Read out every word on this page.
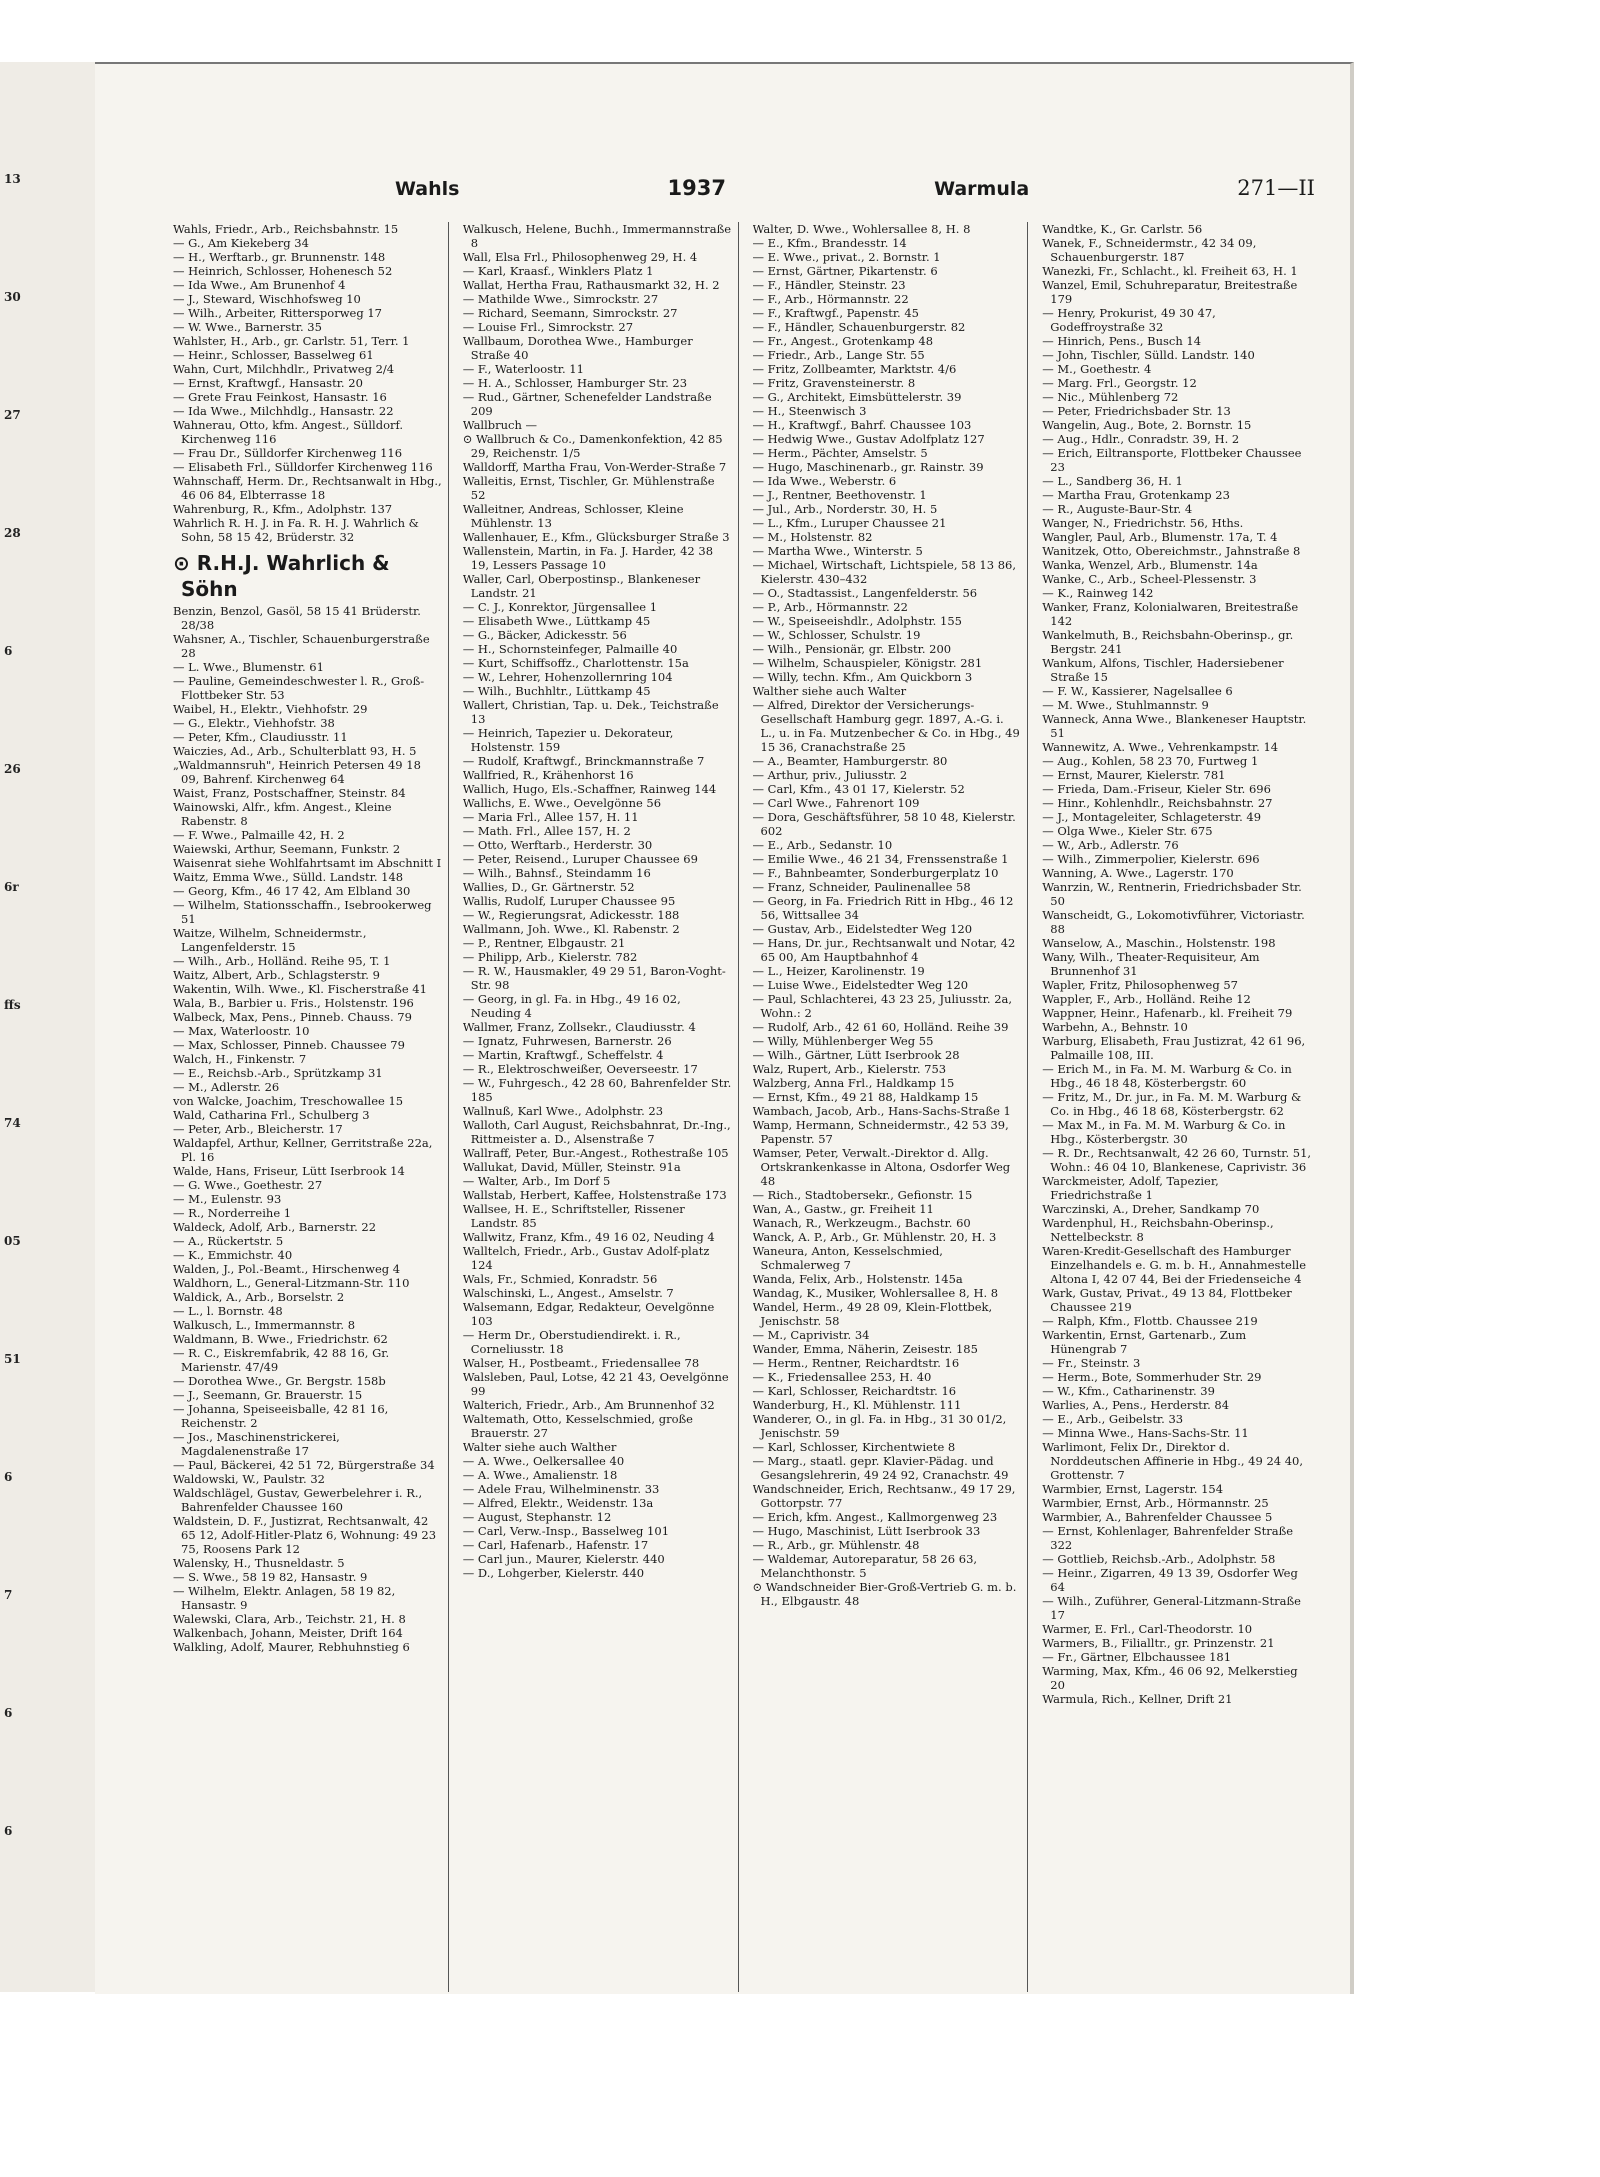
13
30
27
28
6
26
6r
ffs
74
05
51
6
7
6
6
Wahls	1937	Warmula	271—II

Wahls, Friedr., Arb., Reichsbahnstr. 15

— G., Am Kiekeberg 34

— H., Werftarb., gr. Brunnenstr. 148

— Heinrich, Schlosser, Hohenesch 52

— Ida Wwe., Am Brunenhof 4

— J., Steward, Wischhofsweg 10

— Wilh., Arbeiter, Rittersporweg 17

— W. Wwe., Barnerstr. 35

Wahlster, H., Arb., gr. Carlstr. 51, Terr. 1

— Heinr., Schlosser, Basselweg 61

Wahn, Curt, Milchhdlr., Privatweg 2/4

— Ernst, Kraftwgf., Hansastr. 20

— Grete Frau Feinkost, Hansastr. 16

— Ida Wwe., Milchhdlg., Hansastr. 22

Wahnerau, Otto, kfm. Angest., Sülldorf. Kirchenweg 116

— Frau Dr., Sülldorfer Kirchenweg 116

— Elisabeth Frl., Sülldorfer Kirchenweg 116

Wahnschaff, Herm. Dr., Rechtsanwalt in Hbg., 46 06 84, Elbterrasse 18

Wahrenburg, R., Kfm., Adolphstr. 137

Wahrlich R. H. J. in Fa. R. H. J. Wahrlich & Sohn, 58 15 42, Brüderstr. 32

⊙ R.H.J. Wahrlich & Söhn

Benzin, Benzol, Gasöl, 58 15 41 Brüderstr. 28/38

Wahsner, A., Tischler, Schauenburgerstraße 28

— L. Wwe., Blumenstr. 61

— Pauline, Gemeindeschwester l. R., Groß-Flottbeker Str. 53

Waibel, H., Elektr., Viehhofstr. 29

— G., Elektr., Viehhofstr. 38

— Peter, Kfm., Claudiusstr. 11

Waiczies, Ad., Arb., Schulterblatt 93, H. 5

„Waldmannsruh", Heinrich Petersen 49 18 09, Bahrenf. Kirchenweg 64

Waist, Franz, Postschaffner, Steinstr. 84

Wainowski, Alfr., kfm. Angest., Kleine Rabenstr. 8

— F. Wwe., Palmaille 42, H. 2

Waiewski, Arthur, Seemann, Funkstr. 2

Waisenrat siehe Wohlfahrtsamt im Abschnitt I

Waitz, Emma Wwe., Sülld. Landstr. 148

— Georg, Kfm., 46 17 42, Am Elbland 30

— Wilhelm, Stationsschaffn., Isebrookerweg 51

Waitze, Wilhelm, Schneidermstr., Langenfelderstr. 15

— Wilh., Arb., Holländ. Reihe 95, T. 1

Waitz, Albert, Arb., Schlagsterstr. 9

Wakentin, Wilh. Wwe., Kl. Fischerstraße 41

Wala, B., Barbier u. Fris., Holstenstr. 196

Walbeck, Max, Pens., Pinneb. Chauss. 79

— Max, Waterloostr. 10

— Max, Schlosser, Pinneb. Chaussee 79

Walch, H., Finkenstr. 7

— E., Reichsb.-Arb., Sprützkamp 31

— M., Adlerstr. 26

von Walcke, Joachim, Treschowallee 15

Wald, Catharina Frl., Schulberg 3

— Peter, Arb., Bleicherstr. 17

Waldapfel, Arthur, Kellner, Gerritstraße 22a, Pl. 16

Walde, Hans, Friseur, Lütt Iserbrook 14

— G. Wwe., Goethestr. 27

— M., Eulenstr. 93

— R., Norderreihe 1

Waldeck, Adolf, Arb., Barnerstr. 22

— A., Rückertstr. 5

— K., Emmichstr. 40

Walden, J., Pol.-Beamt., Hirschenweg 4

Waldhorn, L., General-Litzmann-Str. 110

Waldick, A., Arb., Borselstr. 2

— L., l. Bornstr. 48

Walkusch, L., Immermannstr. 8

Waldmann, B. Wwe., Friedrichstr. 62

— R. C., Eiskremfabrik, 42 88 16, Gr. Marienstr. 47/49

— Dorothea Wwe., Gr. Bergstr. 158b

— J., Seemann, Gr. Brauerstr. 15

— Johanna, Speiseeisballe, 42 81 16, Reichenstr. 2

— Jos., Maschinenstrickerei, Magdalenenstraße 17

— Paul, Bäckerei, 42 51 72, Bürgerstraße 34

Waldowski, W., Paulstr. 32

Waldschlägel, Gustav, Gewerbelehrer i. R., Bahrenfelder Chaussee 160

Waldstein, D. F., Justizrat, Rechtsanwalt, 42 65 12, Adolf-Hitler-Platz 6, Wohnung: 49 23 75, Roosens Park 12

Walensky, H., Thusneldastr. 5

— S. Wwe., 58 19 82, Hansastr. 9

— Wilhelm, Elektr. Anlagen, 58 19 82, Hansastr. 9

Walewski, Clara, Arb., Teichstr. 21, H. 8

Walkenbach, Johann, Meister, Drift 164

Walkling, Adolf, Maurer, Rebhuhnstieg 6

Walkusch, Helene, Buchh., Immermannstraße 8

Wall, Elsa Frl., Philosophenweg 29, H. 4

— Karl, Kraasf., Winklers Platz 1

Wallat, Hertha Frau, Rathausmarkt 32, H. 2

— Mathilde Wwe., Simrockstr. 27

— Richard, Seemann, Simrockstr. 27

— Louise Frl., Simrockstr. 27

Wallbaum, Dorothea Wwe., Hamburger Straße 40

— F., Waterloostr. 11

— H. A., Schlosser, Hamburger Str. 23

— Rud., Gärtner, Schenefelder Landstraße 209

Wallbruch —

⊙ Wallbruch & Co., Damenkonfektion, 42 85 29, Reichenstr. 1/5

Walldorff, Martha Frau, Von-Werder-Straße 7

Walleitis, Ernst, Tischler, Gr. Mühlenstraße 52

Walleitner, Andreas, Schlosser, Kleine Mühlenstr. 13

Wallenhauer, E., Kfm., Glücksburger Straße 3

Wallenstein, Martin, in Fa. J. Harder, 42 38 19, Lessers Passage 10

Waller, Carl, Oberpostinsp., Blankeneser Landstr. 21

— C. J., Konrektor, Jürgensallee 1

— Elisabeth Wwe., Lüttkamp 45

— G., Bäcker, Adickesstr. 56

— H., Schornsteinfeger, Palmaille 40

— Kurt, Schiffsoffz., Charlottenstr. 15a

— W., Lehrer, Hohenzollernring 104

— Wilh., Buchhltr., Lüttkamp 45

Wallert, Christian, Tap. u. Dek., Teichstraße 13

— Heinrich, Tapezier u. Dekorateur, Holstenstr. 159

— Rudolf, Kraftwgf., Brinckmannstraße 7

Wallfried, R., Krähenhorst 16

Wallich, Hugo, Els.-Schaffner, Rainweg 144

Wallichs, E. Wwe., Oevelgönne 56

— Maria Frl., Allee 157, H. 11

— Math. Frl., Allee 157, H. 2

— Otto, Werftarb., Herderstr. 30

— Peter, Reisend., Luruper Chaussee 69

— Wilh., Bahnsf., Steindamm 16

Wallies, D., Gr. Gärtnerstr. 52

Wallis, Rudolf, Luruper Chaussee 95

— W., Regierungsrat, Adickesstr. 188

Wallmann, Joh. Wwe., Kl. Rabenstr. 2

— P., Rentner, Elbgaustr. 21

— Philipp, Arb., Kielerstr. 782

— R. W., Hausmakler, 49 29 51, Baron-Voght-Str. 98

— Georg, in gl. Fa. in Hbg., 49 16 02, Neuding 4

Wallmer, Franz, Zollsekr., Claudiusstr. 4

— Ignatz, Fuhrwesen, Barnerstr. 26

— Martin, Kraftwgf., Scheffelstr. 4

— R., Elektroschweißer, Oeverseestr. 17

— W., Fuhrgesch., 42 28 60, Bahrenfelder Str. 185

Wallnuß, Karl Wwe., Adolphstr. 23

Walloth, Carl August, Reichsbahnrat, Dr.-Ing., Rittmeister a. D., Alsenstraße 7

Wallraff, Peter, Bur.-Angest., Rothestraße 105

Wallukat, David, Müller, Steinstr. 91a

— Walter, Arb., Im Dorf 5

Wallstab, Herbert, Kaffee, Holstenstraße 173

Wallsee, H. E., Schriftsteller, Rissener Landstr. 85

Wallwitz, Franz, Kfm., 49 16 02, Neuding 4

Walltelch, Friedr., Arb., Gustav Adolf-platz 124

Wals, Fr., Schmied, Konradstr. 56

Walschinski, L., Angest., Amselstr. 7

Walsemann, Edgar, Redakteur, Oevelgönne 103

— Herm Dr., Oberstudiendirekt. i. R., Corneliusstr. 18

Walser, H., Postbeamt., Friedensallee 78

Walsleben, Paul, Lotse, 42 21 43, Oevelgönne 99

Walterich, Friedr., Arb., Am Brunnenhof 32

Waltemath, Otto, Kesselschmied, große Brauerstr. 27

Walter siehe auch Walther

— A. Wwe., Oelkersallee 40

— A. Wwe., Amalienstr. 18

— Adele Frau, Wilhelminenstr. 33

— Alfred, Elektr., Weidenstr. 13a

— August, Stephanstr. 12

— Carl, Verw.-Insp., Basselweg 101

— Carl, Hafenarb., Hafenstr. 17

— Carl jun., Maurer, Kielerstr. 440

— D., Lohgerber, Kielerstr. 440

Walter, D. Wwe., Wohlersallee 8, H. 8

— E., Kfm., Brandesstr. 14

— E. Wwe., privat., 2. Bornstr. 1

— Ernst, Gärtner, Pikartenstr. 6

— F., Händler, Steinstr. 23

— F., Arb., Hörmannstr. 22

— F., Kraftwgf., Papenstr. 45

— F., Händler, Schauenburgerstr. 82

— Fr., Angest., Grotenkamp 48

— Friedr., Arb., Lange Str. 55

— Fritz, Zollbeamter, Marktstr. 4/6

— Fritz, Gravensteinerstr. 8

— G., Architekt, Eimsbüttelerstr. 39

— H., Steenwisch 3

— H., Kraftwgf., Bahrf. Chaussee 103

— Hedwig Wwe., Gustav Adolfplatz 127

— Herm., Pächter, Amselstr. 5

— Hugo, Maschinenarb., gr. Rainstr. 39

— Ida Wwe., Weberstr. 6

— J., Rentner, Beethovenstr. 1

— Jul., Arb., Norderstr. 30, H. 5

— L., Kfm., Luruper Chaussee 21

— M., Holstenstr. 82

— Martha Wwe., Winterstr. 5

— Michael, Wirtschaft, Lichtspiele, 58 13 86, Kielerstr. 430–432

— O., Stadtassist., Langenfelderstr. 56

— P., Arb., Hörmannstr. 22

— W., Speiseeishdlr., Adolphstr. 155

— W., Schlosser, Schulstr. 19

— Wilh., Pensionär, gr. Elbstr. 200

— Wilhelm, Schauspieler, Königstr. 281

— Willy, techn. Kfm., Am Quickborn 3

Walther siehe auch Walter

— Alfred, Direktor der Versicherungs-Gesellschaft Hamburg gegr. 1897, A.-G. i. L., u. in Fa. Mutzenbecher & Co. in Hbg., 49 15 36, Cranachstraße 25

— A., Beamter, Hamburgerstr. 80

— Arthur, priv., Juliusstr. 2

— Carl, Kfm., 43 01 17, Kielerstr. 52

— Carl Wwe., Fahrenort 109

— Dora, Geschäftsführer, 58 10 48, Kielerstr. 602

— E., Arb., Sedanstr. 10

— Emilie Wwe., 46 21 34, Frenssenstraße 1

— F., Bahnbeamter, Sonderburgerplatz 10

— Franz, Schneider, Paulinenallee 58

— Georg, in Fa. Friedrich Ritt in Hbg., 46 12 56, Wittsallee 34

— Gustav, Arb., Eidelstedter Weg 120

— Hans, Dr. jur., Rechtsanwalt und Notar, 42 65 00, Am Hauptbahnhof 4

— L., Heizer, Karolinenstr. 19

— Luise Wwe., Eidelstedter Weg 120

— Paul, Schlachterei, 43 23 25, Juliusstr. 2a, Wohn.: 2

— Rudolf, Arb., 42 61 60, Holländ. Reihe 39

— Willy, Mühlenberger Weg 55

— Wilh., Gärtner, Lütt Iserbrook 28

Walz, Rupert, Arb., Kielerstr. 753

Walzberg, Anna Frl., Haldkamp 15

— Ernst, Kfm., 49 21 88, Haldkamp 15

Wambach, Jacob, Arb., Hans-Sachs-Straße 1

Wamp, Hermann, Schneidermstr., 42 53 39, Papenstr. 57

Wamser, Peter, Verwalt.-Direktor d. Allg. Ortskrankenkasse in Altona, Osdorfer Weg 48

— Rich., Stadtobersekr., Gefionstr. 15

Wan, A., Gastw., gr. Freiheit 11

Wanach, R., Werkzeugm., Bachstr. 60

Wanck, A. P., Arb., Gr. Mühlenstr. 20, H. 3

Waneura, Anton, Kesselschmied, Schmalerweg 7

Wanda, Felix, Arb., Holstenstr. 145a

Wandag, K., Musiker, Wohlersallee 8, H. 8

Wandel, Herm., 49 28 09, Klein-Flottbek, Jenischstr. 58

— M., Caprivistr. 34

Wander, Emma, Näherin, Zeisestr. 185

— Herm., Rentner, Reichardtstr. 16

— K., Friedensallee 253, H. 40

— Karl, Schlosser, Reichardtstr. 16

Wanderburg, H., Kl. Mühlenstr. 111

Wanderer, O., in gl. Fa. in Hbg., 31 30 01/2, Jenischstr. 59

— Karl, Schlosser, Kirchentwiete 8

— Marg., staatl. gepr. Klavier-Pädag. und Gesangslehrerin, 49 24 92, Cranachstr. 49

Wandschneider, Erich, Rechtsanw., 49 17 29, Gottorpstr. 77

— Erich, kfm. Angest., Kallmorgenweg 23

— Hugo, Maschinist, Lütt Iserbrook 33

— R., Arb., gr. Mühlenstr. 48

— Waldemar, Autoreparatur, 58 26 63, Melanchthonstr. 5

⊙ Wandschneider Bier-Groß-Vertrieb G. m. b. H., Elbgaustr. 48

Wandtke, K., Gr. Carlstr. 56

Wanek, F., Schneidermstr., 42 34 09, Schauenburgerstr. 187

Wanezki, Fr., Schlacht., kl. Freiheit 63, H. 1

Wanzel, Emil, Schuhreparatur, Breitestraße 179

— Henry, Prokurist, 49 30 47, Godeffroystraße 32

— Hinrich, Pens., Busch 14

— John, Tischler, Sülld. Landstr. 140

— M., Goethestr. 4

— Marg. Frl., Georgstr. 12

— Nic., Mühlenberg 72

— Peter, Friedrichsbader Str. 13

Wangelin, Aug., Bote, 2. Bornstr. 15

— Aug., Hdlr., Conradstr. 39, H. 2

— Erich, Eiltransporte, Flottbeker Chaussee 23

— L., Sandberg 36, H. 1

— Martha Frau, Grotenkamp 23

— R., Auguste-Baur-Str. 4

Wanger, N., Friedrichstr. 56, Hths.

Wangler, Paul, Arb., Blumenstr. 17a, T. 4

Wanitzek, Otto, Obereichmstr., Jahnstraße 8

Wanka, Wenzel, Arb., Blumenstr. 14a

Wanke, C., Arb., Scheel-Plessenstr. 3

— K., Rainweg 142

Wanker, Franz, Kolonialwaren, Breitestraße 142

Wankelmuth, B., Reichsbahn-Oberinsp., gr. Bergstr. 241

Wankum, Alfons, Tischler, Hadersiebener Straße 15

— F. W., Kassierer, Nagelsallee 6

— M. Wwe., Stuhlmannstr. 9

Wanneck, Anna Wwe., Blankeneser Hauptstr. 51

Wannewitz, A. Wwe., Vehrenkampstr. 14

— Aug., Kohlen, 58 23 70, Furtweg 1

— Ernst, Maurer, Kielerstr. 781

— Frieda, Dam.-Friseur, Kieler Str. 696

— Hinr., Kohlenhdlr., Reichsbahnstr. 27

— J., Montageleiter, Schlageterstr. 49

— Olga Wwe., Kieler Str. 675

— W., Arb., Adlerstr. 76

— Wilh., Zimmerpolier, Kielerstr. 696

Wanning, A. Wwe., Lagerstr. 170

Wanrzin, W., Rentnerin, Friedrichsbader Str. 50

Wanscheidt, G., Lokomotivführer, Victoriastr. 88

Wanselow, A., Maschin., Holstenstr. 198

Wany, Wilh., Theater-Requisiteur, Am Brunnenhof 31

Wapler, Fritz, Philosophenweg 57

Wappler, F., Arb., Holländ. Reihe 12

Wappner, Heinr., Hafenarb., kl. Freiheit 79

Warbehn, A., Behnstr. 10

Warburg, Elisabeth, Frau Justizrat, 42 61 96, Palmaille 108, III.

— Erich M., in Fa. M. M. Warburg & Co. in Hbg., 46 18 48, Kösterbergstr. 60

— Fritz, M., Dr. jur., in Fa. M. M. Warburg & Co. in Hbg., 46 18 68, Kösterbergstr. 62

— Max M., in Fa. M. M. Warburg & Co. in Hbg., Kösterbergstr. 30

— R. Dr., Rechtsanwalt, 42 26 60, Turnstr. 51, Wohn.: 46 04 10, Blankenese, Caprivistr. 36

Warckmeister, Adolf, Tapezier, Friedrichstraße 1

Warczinski, A., Dreher, Sandkamp 70

Wardenphul, H., Reichsbahn-Oberinsp., Nettelbeckstr. 8

Waren-Kredit-Gesellschaft des Hamburger Einzelhandels e. G. m. b. H., Annahmestelle Altona I, 42 07 44, Bei der Friedenseiche 4

Wark, Gustav, Privat., 49 13 84, Flottbeker Chaussee 219

— Ralph, Kfm., Flottb. Chaussee 219

Warkentin, Ernst, Gartenarb., Zum Hünengrab 7

— Fr., Steinstr. 3

— Herm., Bote, Sommerhuder Str. 29

— W., Kfm., Catharinenstr. 39

Warlies, A., Pens., Herderstr. 84

— E., Arb., Geibelstr. 33

— Minna Wwe., Hans-Sachs-Str. 11

Warlimont, Felix Dr., Direktor d. Norddeutschen Affinerie in Hbg., 49 24 40, Grottenstr. 7

Warmbier, Ernst, Lagerstr. 154

Warmbier, Ernst, Arb., Hörmannstr. 25

Warmbier, A., Bahrenfelder Chaussee 5

— Ernst, Kohlenlager, Bahrenfelder Straße 322

— Gottlieb, Reichsb.-Arb., Adolphstr. 58

— Heinr., Zigarren, 49 13 39, Osdorfer Weg 64

— Wilh., Zuführer, General-Litzmann-Straße 17

Warmer, E. Frl., Carl-Theodorstr. 10

Warmers, B., Filialltr., gr. Prinzenstr. 21

— Fr., Gärtner, Elbchaussee 181

Warming, Max, Kfm., 46 06 92, Melkerstieg 20

Warmula, Rich., Kellner, Drift 21
